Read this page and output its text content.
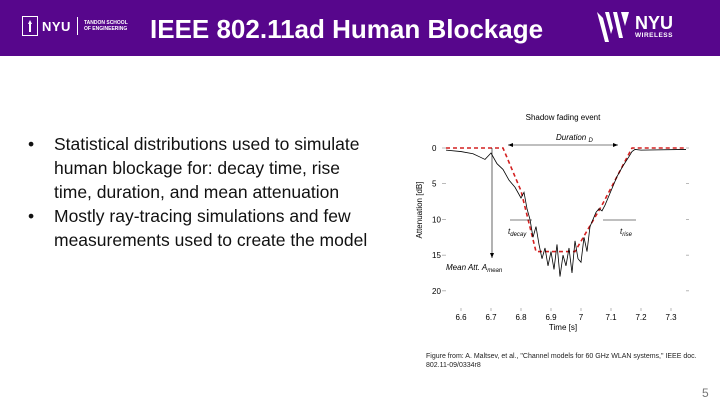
NYU	TANDON SCHOOL
OF ENGINEERING IEEE 802.11ad Human Blockage	NYU
WIRELESS
• Statistical distributions used to simulate human blockage for: decay time, rise time, duration, and mean attenuation
• Mostly ray-tracing simulations and few measurements used to create the model
Shadow fading event
Attenuation [dB]
Time [s]
0
5
10
15
20
6.6 6.7 6.8 6.9	7	7.1 7.2 7.3
Duration $_D$
$t_{decay}$	$t_{rise}$
Mean Att. $A_{mean}$
Figure from: A. Maltsev, et al., "Channel models for 60 GHz WLAN systems," IEEE doc. 802.11-09/0334r8
5
